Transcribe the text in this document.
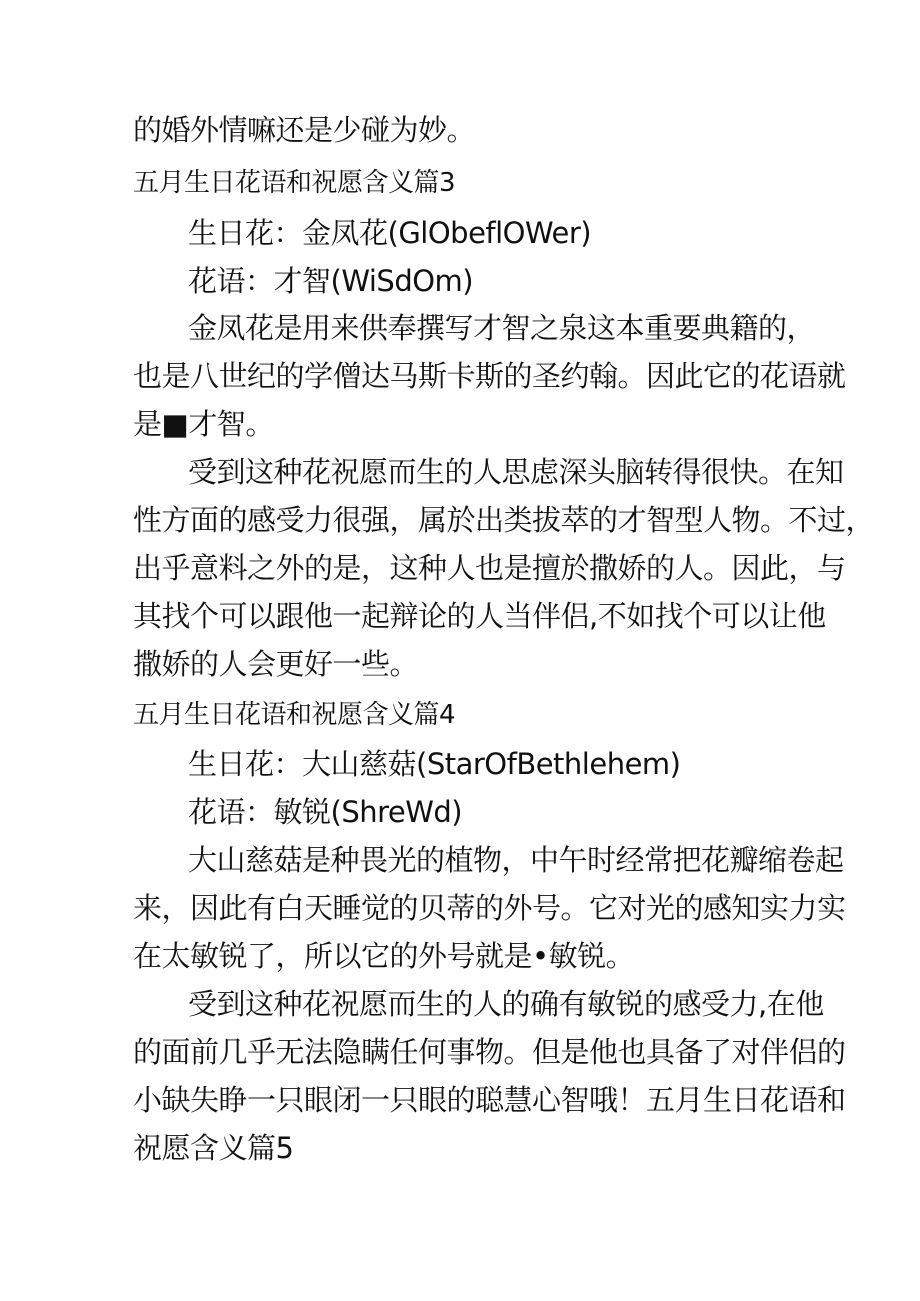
的婚外情嘛还是少碰为妙。
五月生日花语和祝愿含义篇3
生日花：金凤花(GlObeflOWer)
花语：才智(WiSdOm)
金凤花是用来供奉撰写才智之泉这本重要典籍的，
也是八世纪的学僧达马斯卡斯的圣约翰。因此它的花语就
是■才智。
受到这种花祝愿而生的人思虑深头脑转得很快。在知
性方面的感受力很强，属於出类拔萃的才智型人物。不过，
出乎意料之外的是，这种人也是擅於撒娇的人。因此，与
其找个可以跟他一起辩论的人当伴侣,不如找个可以让他
撒娇的人会更好一些。
五月生日花语和祝愿含义篇4
生日花：大山慈菇(StarOfBethlehem)
花语：敏锐(ShreWd)
大山慈菇是种畏光的植物，中午时经常把花瓣缩卷起
来，因此有白天睡觉的贝蒂的外号。它对光的感知实力实
在太敏锐了，所以它的外号就是•敏锐。
受到这种花祝愿而生的人的确有敏锐的感受力,在他
的面前几乎无法隐瞒任何事物。但是他也具备了对伴侣的
小缺失睁一只眼闭一只眼的聪慧心智哦！五月生日花语和
祝愿含义篇5
